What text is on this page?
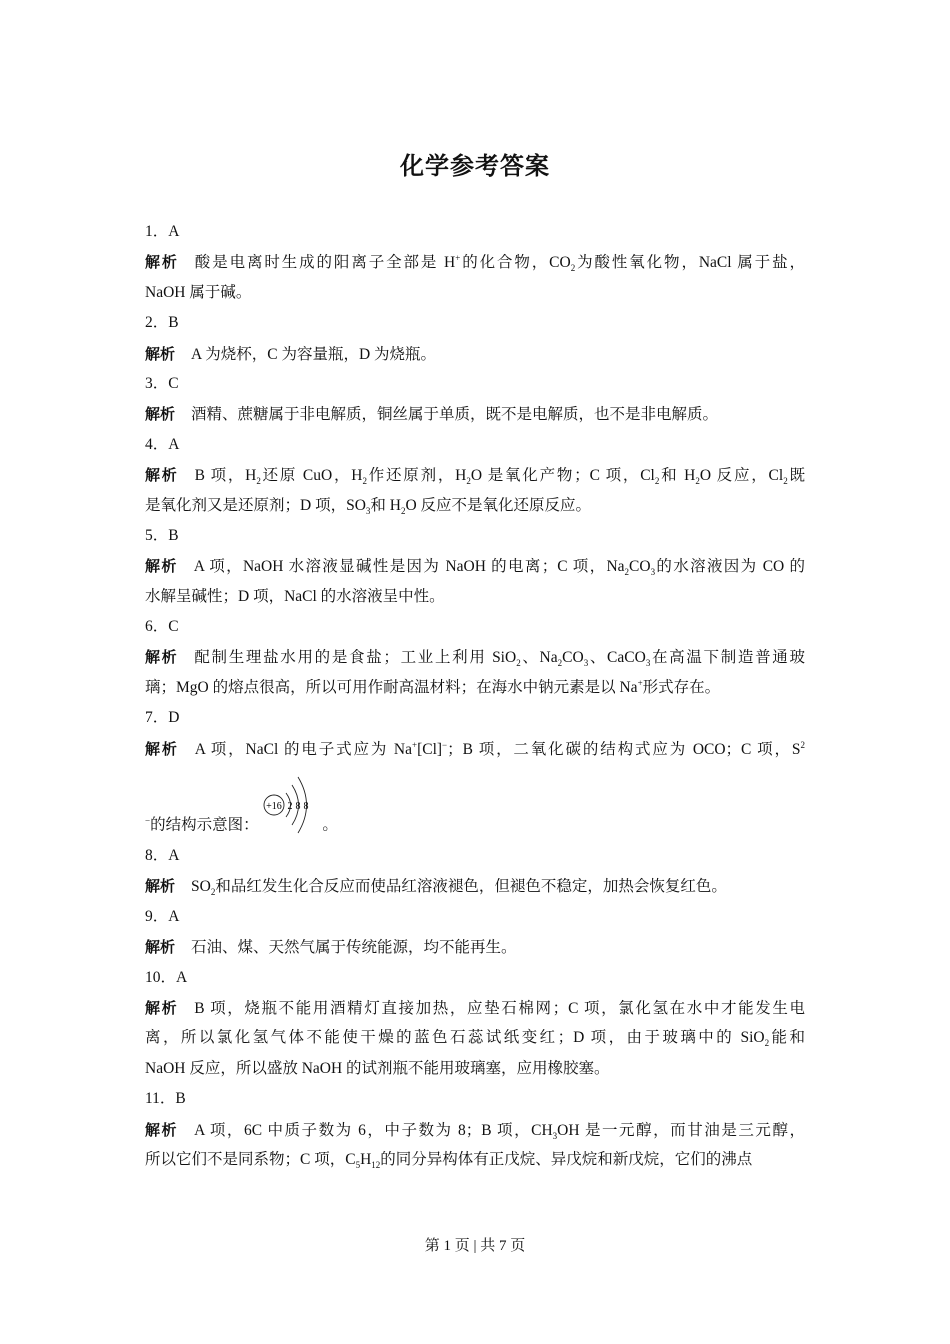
化学参考答案
1．A
解析 酸是电离时生成的阳离子全部是 H+的化合物，$CO_2$为酸性氧化物，NaCl 属于盐，
NaOH 属于碱。
2．B
解析 A 为烧杯，C 为容量瓶，D 为烧瓶。
3．C
解析 酒精、蔗糖属于非电解质，铜丝属于单质，既不是电解质，也不是非电解质。
4．A
解析 B 项，$H_2$还原 CuO，$H_2$作还原剂，$H_2O$ 是氧化产物；C 项，$Cl_2$和 $H_2O$ 反应，$Cl_2$既
是氧化剂又是还原剂；D 项，$SO_3$和 $H_2O$ 反应不是氧化还原反应。
5．B
解析 A 项，NaOH 水溶液显碱性是因为 NaOH 的电离；C 项，$Na_2CO_3$的水溶液因为 CO 的
水解呈碱性；D 项，NaCl 的水溶液呈中性。
6．C
解析 配制生理盐水用的是食盐；工业上利用 SiO$_2$、$Na_2CO_3$、CaCO$_3$在高温下制造普通玻
璃；MgO 的熔点很高，所以可用作耐高温材料；在海水中钠元素是以 Na+形式存在。
7．D
解析 A 项，NaCl 的电子式应为 Na+[Cl]−；B 项，二氧化碳的结构式应为 OCO；C 项，$S^2$
−的结构示意图：
+16 2 8 8
。
8．A
解析 $SO_2$和品红发生化合反应而使品红溶液褪色，但褪色不稳定，加热会恢复红色。
9．A
解析 石油、煤、天然气属于传统能源，均不能再生。
10．A
解析 B 项，烧瓶不能用酒精灯直接加热，应垫石棉网；C 项，氯化氢在水中才能发生电
离，所以氯化氢气体不能使干燥的蓝色石蕊试纸变红；D 项，由于玻璃中的 SiO$_2$能和
NaOH 反应，所以盛放 NaOH 的试剂瓶不能用玻璃塞，应用橡胶塞。
11．B
解析 A 项，6C 中质子数为 6，中子数为 8；B 项，$CH_3OH$ 是一元醇，而甘油是三元醇，
所以它们不是同系物；C 项，$C_5H_{12}$的同分异构体有正戊烷、异戊烷和新戊烷，它们的沸点
第 1 页 | 共 7 页
